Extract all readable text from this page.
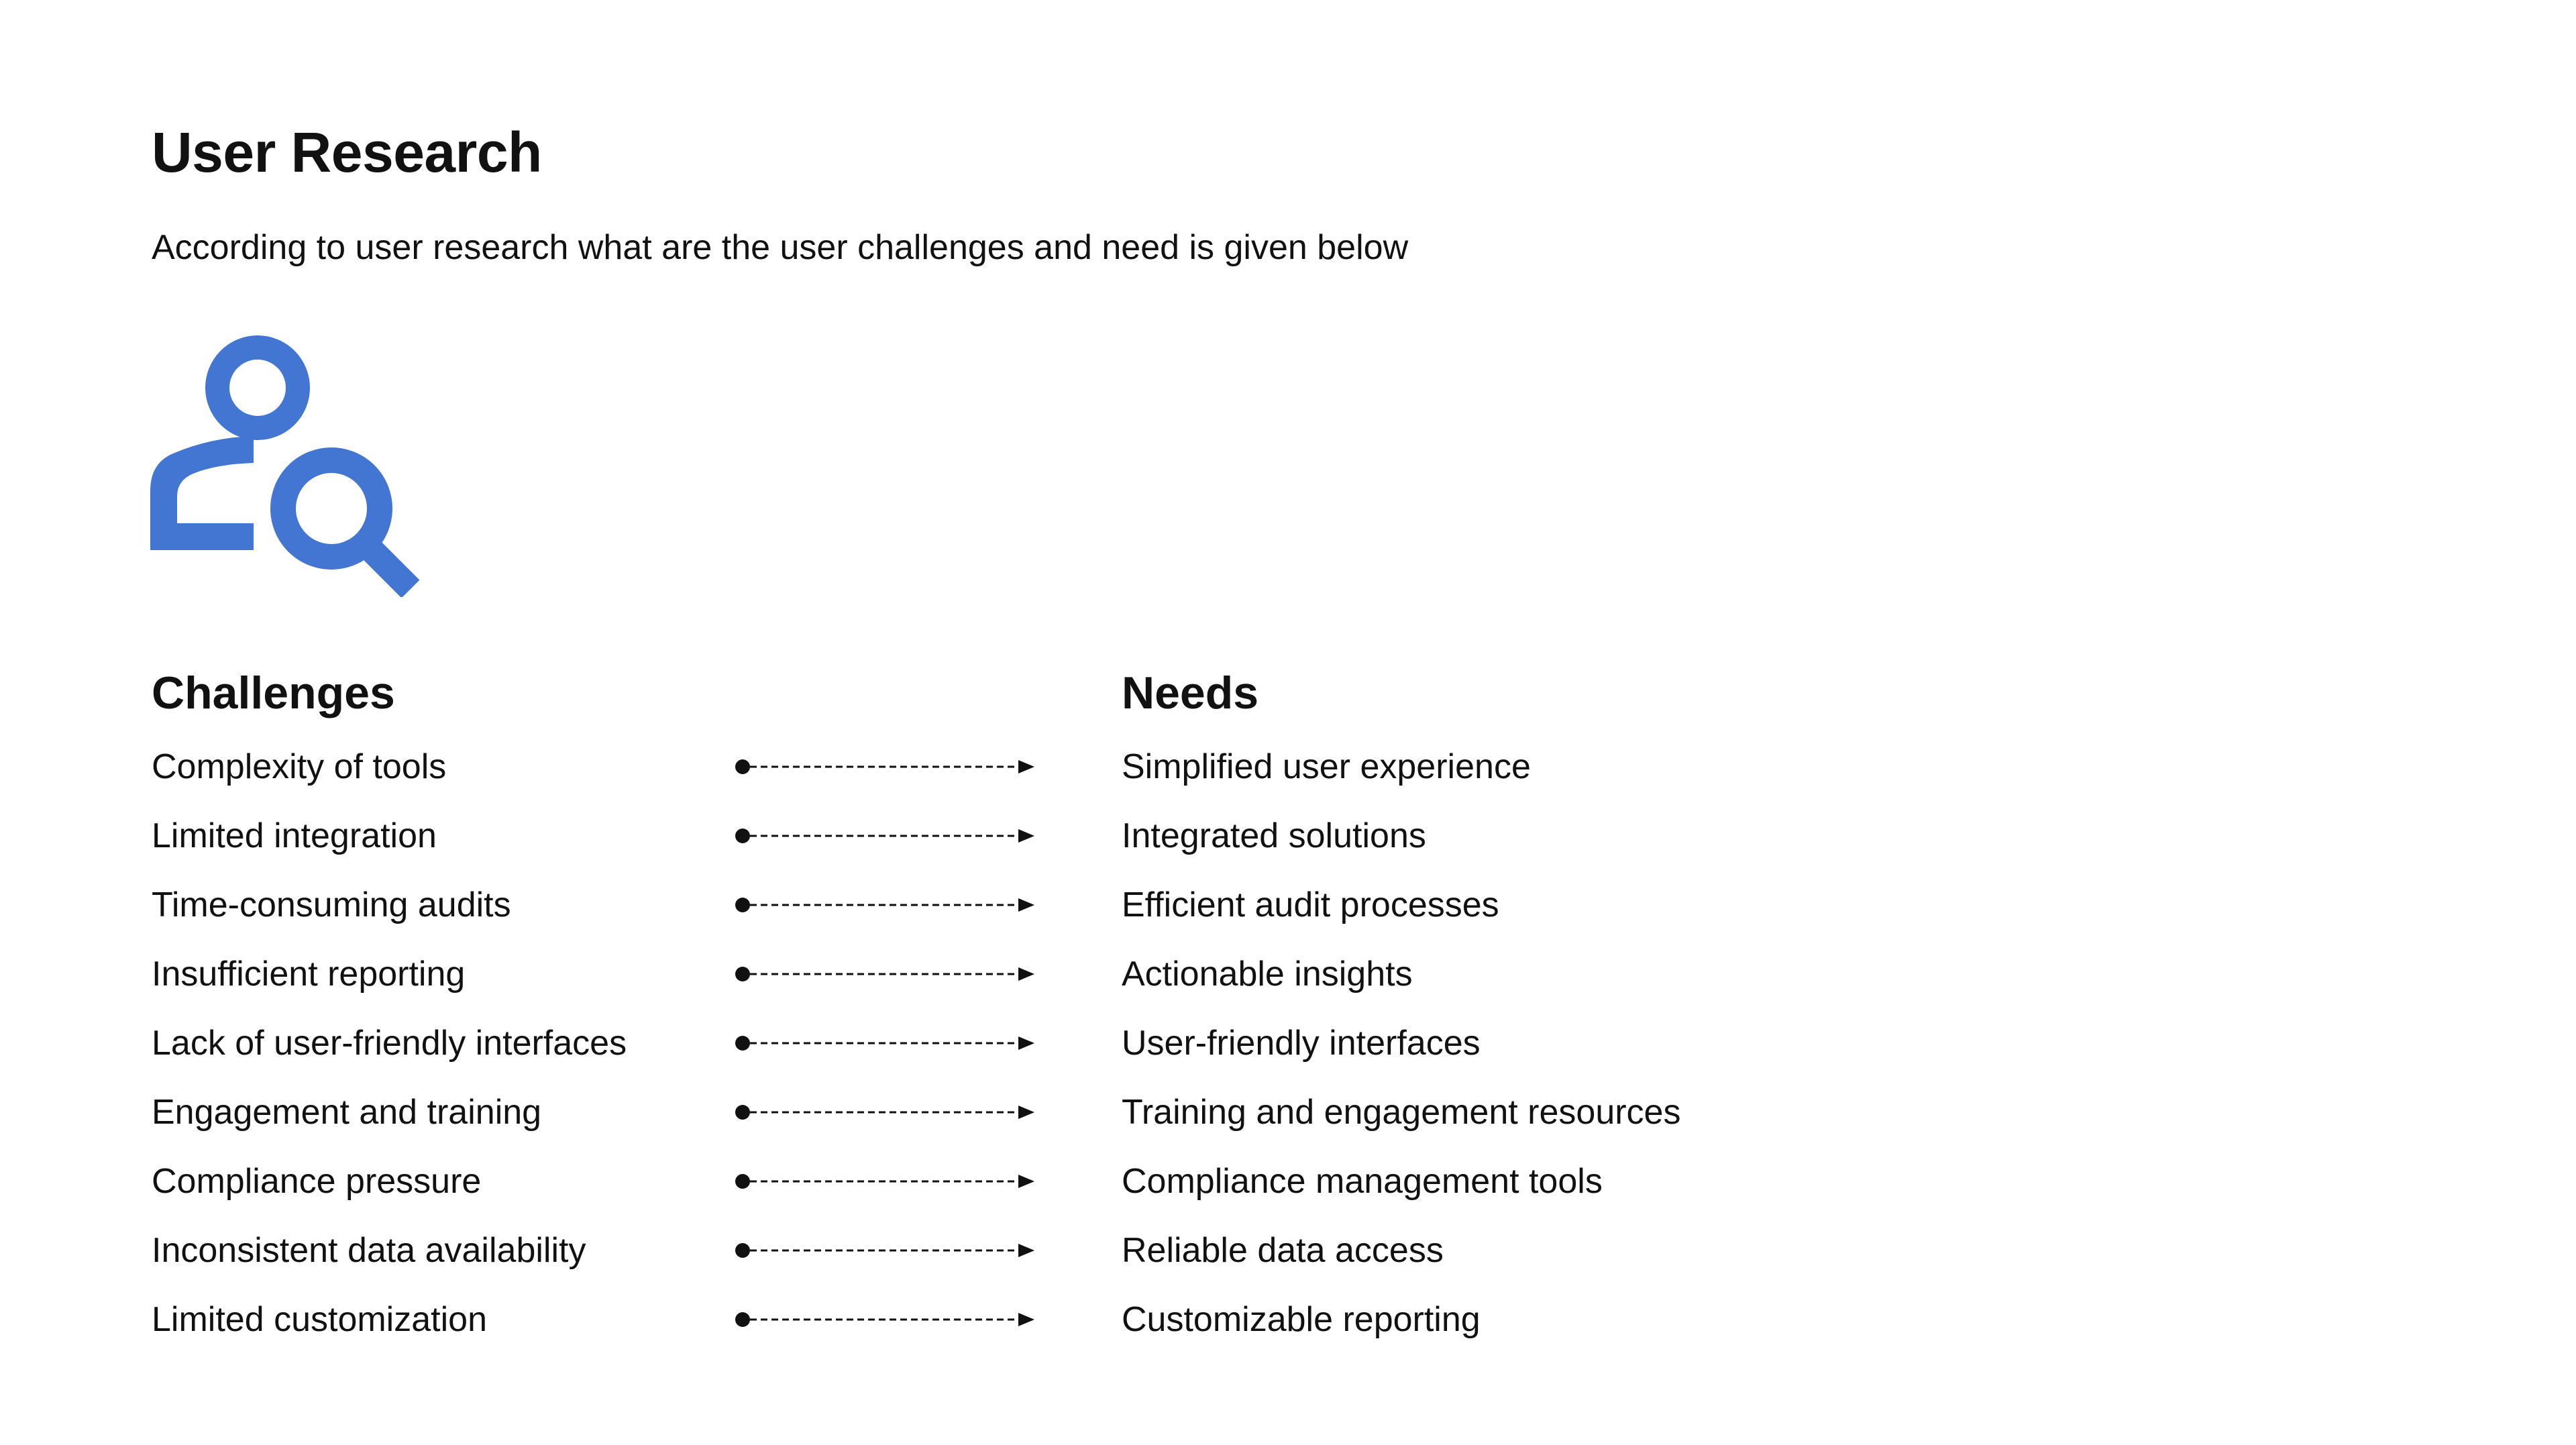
User Research

According to user research what are the user challenges and need is given below

Challenges	Needs
Complexity of tools	Simplified user experience
Limited integration	Integrated solutions
Time-consuming audits	Efficient audit processes
Insufficient reporting	Actionable insights
Lack of user-friendly interfaces	User-friendly interfaces
Engagement and training	Training and engagement resources
Compliance pressure	Compliance management tools
Inconsistent data availability	Reliable data access
Limited customization	Customizable reporting
